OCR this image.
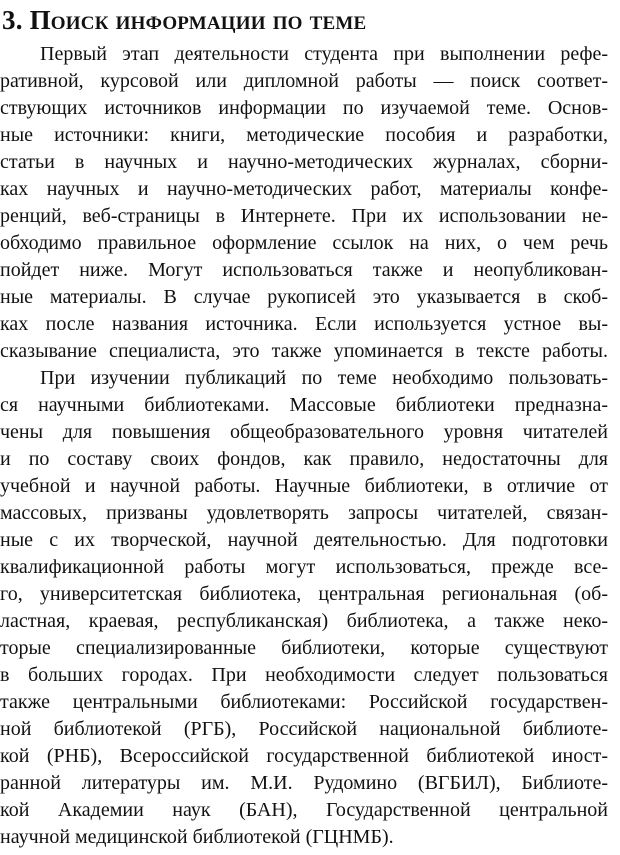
3. Поиск информации по теме
Первый этап деятельности студента при выполнении рефе-
ративной, курсовой или дипломной работы — поиск соответ-
ствующих источников информации по изучаемой теме. Основ-
ные источники: книги, методические пособия и разработки,
статьи в научных и научно-методических журналах, сборни-
ках научных и научно-методических работ, материалы конфе-
ренций, веб-страницы в Интернете. При их использовании не-
обходимо правильное оформление ссылок на них, о чем речь
пойдет ниже. Могут использоваться также и неопубликован-
ные материалы. В случае рукописей это указывается в скоб-
ках после названия источника. Если используется устное вы-
сказывание специалиста, это также упоминается в тексте работы.
При изучении публикаций по теме необходимо пользовать-
ся научными библиотеками. Массовые библиотеки предназна-
чены для повышения общеобразовательного уровня читателей
и по составу своих фондов, как правило, недостаточны для
учебной и научной работы. Научные библиотеки, в отличие от
массовых, призваны удовлетворять запросы читателей, связан-
ные с их творческой, научной деятельностью. Для подготовки
квалификационной работы могут использоваться, прежде все-
го, университетская библиотека, центральная региональная (об-
ластная, краевая, республиканская) библиотека, а также неко-
торые специализированные библиотеки, которые существуют
в больших городах. При необходимости следует пользоваться
также центральными библиотеками: Российской государствен-
ной библиотекой (РГБ), Российской национальной библиоте-
кой (РНБ), Всероссийской государственной библиотекой иност-
ранной литературы им. М.И. Рудомино (ВГБИЛ), Библиоте-
кой Академии наук (БАН), Государственной центральной
научной медицинской библиотекой (ГЦНМБ).
